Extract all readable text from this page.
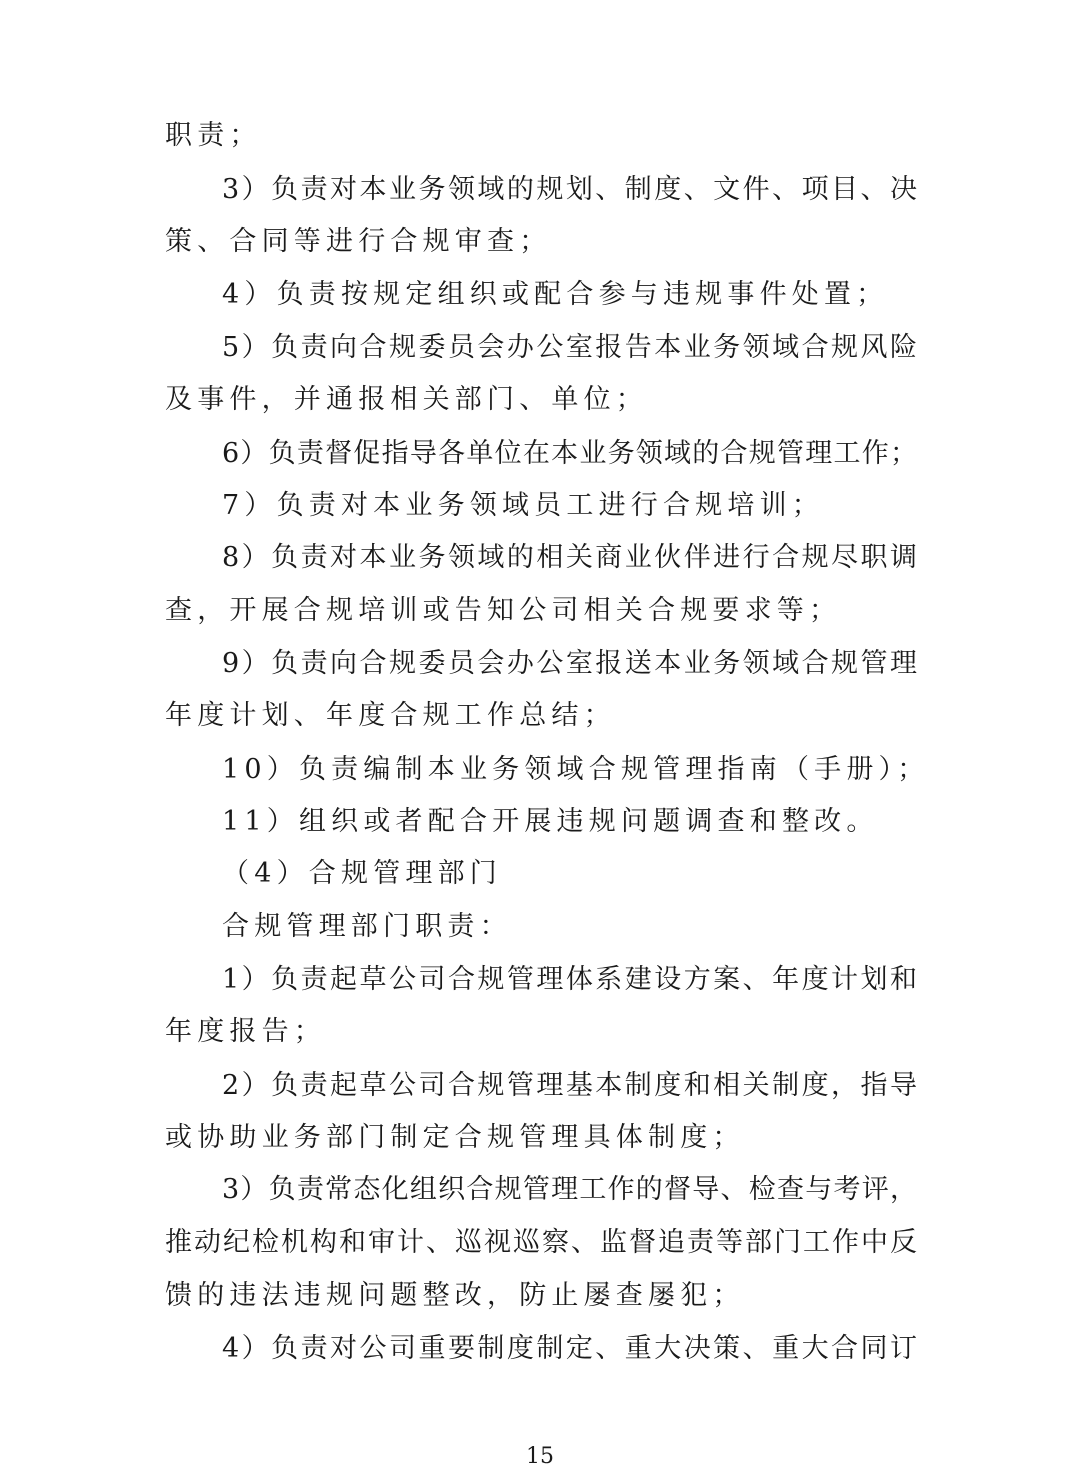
职责；
3）负责对本业务领域的规划、制度、文件、项目、决
策、合同等进行合规审查；
4）负责按规定组织或配合参与违规事件处置；
5）负责向合规委员会办公室报告本业务领域合规风险
及事件，并通报相关部门、单位；
6）负责督促指导各单位在本业务领域的合规管理工作；
7）负责对本业务领域员工进行合规培训；
8）负责对本业务领域的相关商业伙伴进行合规尽职调
查，开展合规培训或告知公司相关合规要求等；
9）负责向合规委员会办公室报送本业务领域合规管理
年度计划、年度合规工作总结；
10）负责编制本业务领域合规管理指南（手册）；
11）组织或者配合开展违规问题调查和整改。
（4）合规管理部门
合规管理部门职责：
1）负责起草公司合规管理体系建设方案、年度计划和
年度报告；
2）负责起草公司合规管理基本制度和相关制度，指导
或协助业务部门制定合规管理具体制度；
3）负责常态化组织合规管理工作的督导、检查与考评，
推动纪检机构和审计、巡视巡察、监督追责等部门工作中反
馈的违法违规问题整改，防止屡查屡犯；
4）负责对公司重要制度制定、重大决策、重大合同订
15
